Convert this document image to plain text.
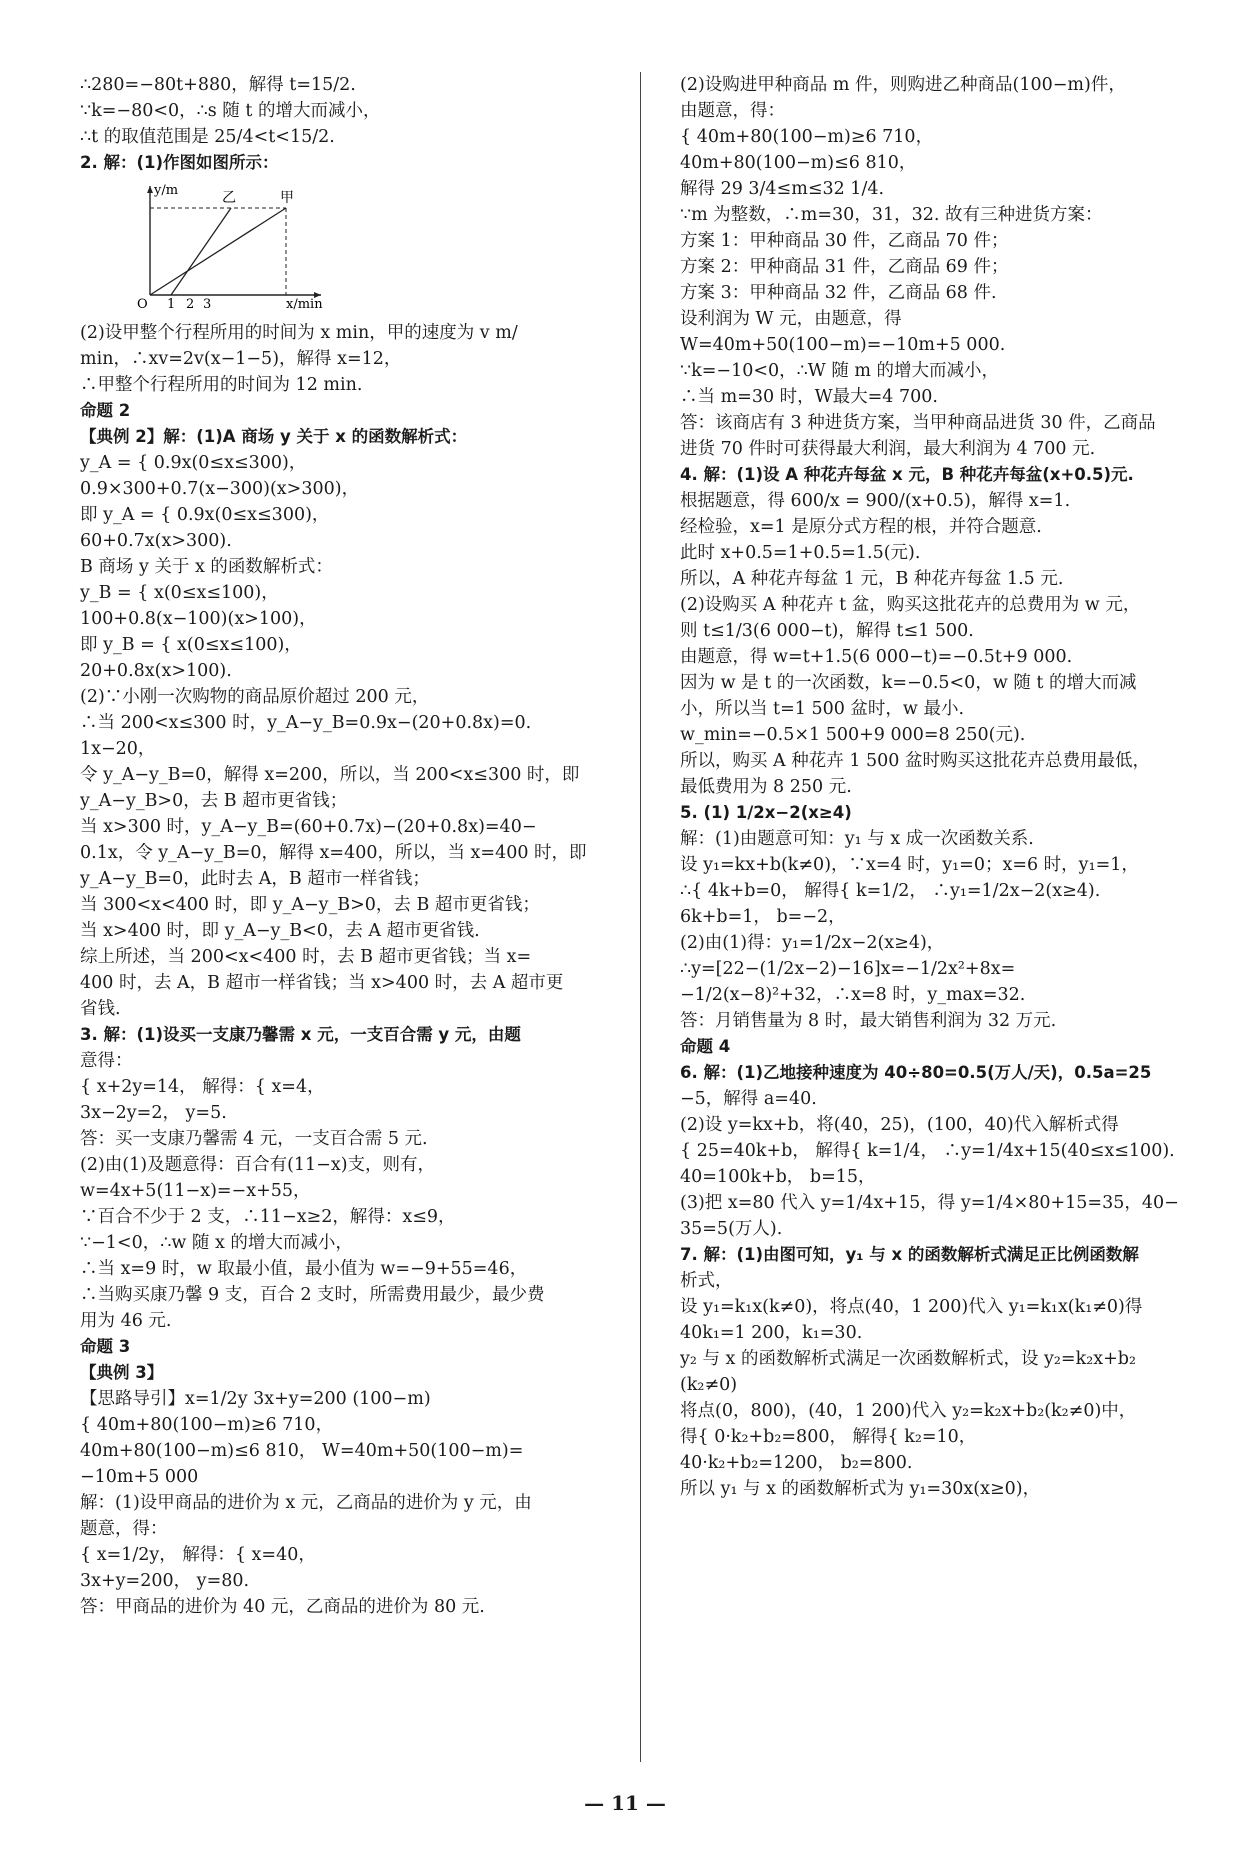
∴280=−80t+880，解得 t=15/2.
∵k=−80<0，∴s 随 t 的增大而减小，
∴t 的取值范围是 25/4<t<15/2.
2. 解：(1)作图如图所示：
y/m
x/min
O 1 2 3
乙	甲
(2)设甲整个行程所用的时间为 x min，甲的速度为 v m/
min，∴xv=2v(x−1−5)，解得 x=12，
∴甲整个行程所用的时间为 12 min.
命题 2
【典例 2】解：(1)A 商场 y 关于 x 的函数解析式：
y_A = { 0.9x(0≤x≤300)，
0.9×300+0.7(x−300)(x>300)，
即 y_A = { 0.9x(0≤x≤300)，
60+0.7x(x>300).
B 商场 y 关于 x 的函数解析式：
y_B = { x(0≤x≤100)，
100+0.8(x−100)(x>100)，
即 y_B = { x(0≤x≤100)，
20+0.8x(x>100).
(2)∵小刚一次购物的商品原价超过 200 元，
∴当 200<x≤300 时，y_A−y_B=0.9x−(20+0.8x)=0.
1x−20，
令 y_A−y_B=0，解得 x=200，所以，当 200<x≤300 时，即
y_A−y_B>0，去 B 超市更省钱；
当 x>300 时，y_A−y_B=(60+0.7x)−(20+0.8x)=40−
0.1x，令 y_A−y_B=0，解得 x=400，所以，当 x=400 时，即
y_A−y_B=0，此时去 A，B 超市一样省钱；
当 300<x<400 时，即 y_A−y_B>0，去 B 超市更省钱；
当 x>400 时，即 y_A−y_B<0，去 A 超市更省钱.
综上所述，当 200<x<400 时，去 B 超市更省钱；当 x=
400 时，去 A，B 超市一样省钱；当 x>400 时，去 A 超市更
省钱.
3. 解：(1)设买一支康乃馨需 x 元，一支百合需 y 元，由题
意得：
{ x+2y=14， 解得：{ x=4，
3x−2y=2， y=5.
答：买一支康乃馨需 4 元，一支百合需 5 元.
(2)由(1)及题意得：百合有(11−x)支，则有，
w=4x+5(11−x)=−x+55，
∵百合不少于 2 支，∴11−x≥2，解得：x≤9，
∵−1<0，∴w 随 x 的增大而减小，
∴当 x=9 时，w 取最小值，最小值为 w=−9+55=46，
∴当购买康乃馨 9 支，百合 2 支时，所需费用最少，最少费
用为 46 元.
命题 3
【典例 3】
【思路导引】x=1/2y 3x+y=200 (100−m)
{ 40m+80(100−m)≥6 710，
40m+80(100−m)≤6 810， W=40m+50(100−m)=
−10m+5 000
解：(1)设甲商品的进价为 x 元，乙商品的进价为 y 元，由
题意，得：
{ x=1/2y， 解得：{ x=40，
3x+y=200， y=80.
答：甲商品的进价为 40 元，乙商品的进价为 80 元.
(2)设购进甲种商品 m 件，则购进乙种商品(100−m)件，
由题意，得：
{ 40m+80(100−m)≥6 710，
40m+80(100−m)≤6 810，
解得 29 3/4≤m≤32 1/4.
∵m 为整数，∴m=30，31，32. 故有三种进货方案：
方案 1：甲种商品 30 件，乙商品 70 件；
方案 2：甲种商品 31 件，乙商品 69 件；
方案 3：甲种商品 32 件，乙商品 68 件.
设利润为 W 元，由题意，得
W=40m+50(100−m)=−10m+5 000.
∵k=−10<0，∴W 随 m 的增大而减小，
∴当 m=30 时，W最大=4 700.
答：该商店有 3 种进货方案，当甲种商品进货 30 件，乙商品
进货 70 件时可获得最大利润，最大利润为 4 700 元.
4. 解：(1)设 A 种花卉每盆 x 元，B 种花卉每盆(x+0.5)元.
根据题意，得 600/x = 900/(x+0.5)，解得 x=1.
经检验，x=1 是原分式方程的根，并符合题意.
此时 x+0.5=1+0.5=1.5(元).
所以，A 种花卉每盆 1 元，B 种花卉每盆 1.5 元.
(2)设购买 A 种花卉 t 盆，购买这批花卉的总费用为 w 元，
则 t≤1/3(6 000−t)，解得 t≤1 500.
由题意，得 w=t+1.5(6 000−t)=−0.5t+9 000.
因为 w 是 t 的一次函数，k=−0.5<0，w 随 t 的增大而减
小，所以当 t=1 500 盆时，w 最小.
w_min=−0.5×1 500+9 000=8 250(元).
所以，购买 A 种花卉 1 500 盆时购买这批花卉总费用最低，
最低费用为 8 250 元.
5. (1) 1/2x−2(x≥4)
解：(1)由题意可知：y₁ 与 x 成一次函数关系.
设 y₁=kx+b(k≠0)，∵x=4 时，y₁=0；x=6 时，y₁=1，
∴{ 4k+b=0， 解得{ k=1/2， ∴y₁=1/2x−2(x≥4).
6k+b=1， b=−2，
(2)由(1)得：y₁=1/2x−2(x≥4)，
∴y=[22−(1/2x−2)−16]x=−1/2x²+8x=
−1/2(x−8)²+32，∴x=8 时，y_max=32.
答：月销售量为 8 时，最大销售利润为 32 万元.
命题 4
6. 解：(1)乙地接种速度为 40÷80=0.5(万人/天)，0.5a=25
−5，解得 a=40.
(2)设 y=kx+b，将(40，25)，(100，40)代入解析式得
{ 25=40k+b， 解得{ k=1/4， ∴y=1/4x+15(40≤x≤100).
40=100k+b， b=15，
(3)把 x=80 代入 y=1/4x+15，得 y=1/4×80+15=35，40−
35=5(万人).
7. 解：(1)由图可知，y₁ 与 x 的函数解析式满足正比例函数解
析式，
设 y₁=k₁x(k≠0)，将点(40，1 200)代入 y₁=k₁x(k₁≠0)得
40k₁=1 200，k₁=30.
y₂ 与 x 的函数解析式满足一次函数解析式，设 y₂=k₂x+b₂
(k₂≠0)
将点(0，800)，(40，1 200)代入 y₂=k₂x+b₂(k₂≠0)中，
得{ 0·k₂+b₂=800， 解得{ k₂=10，
40·k₂+b₂=1200， b₂=800.
所以 y₁ 与 x 的函数解析式为 y₁=30x(x≥0)，
— 11 —
